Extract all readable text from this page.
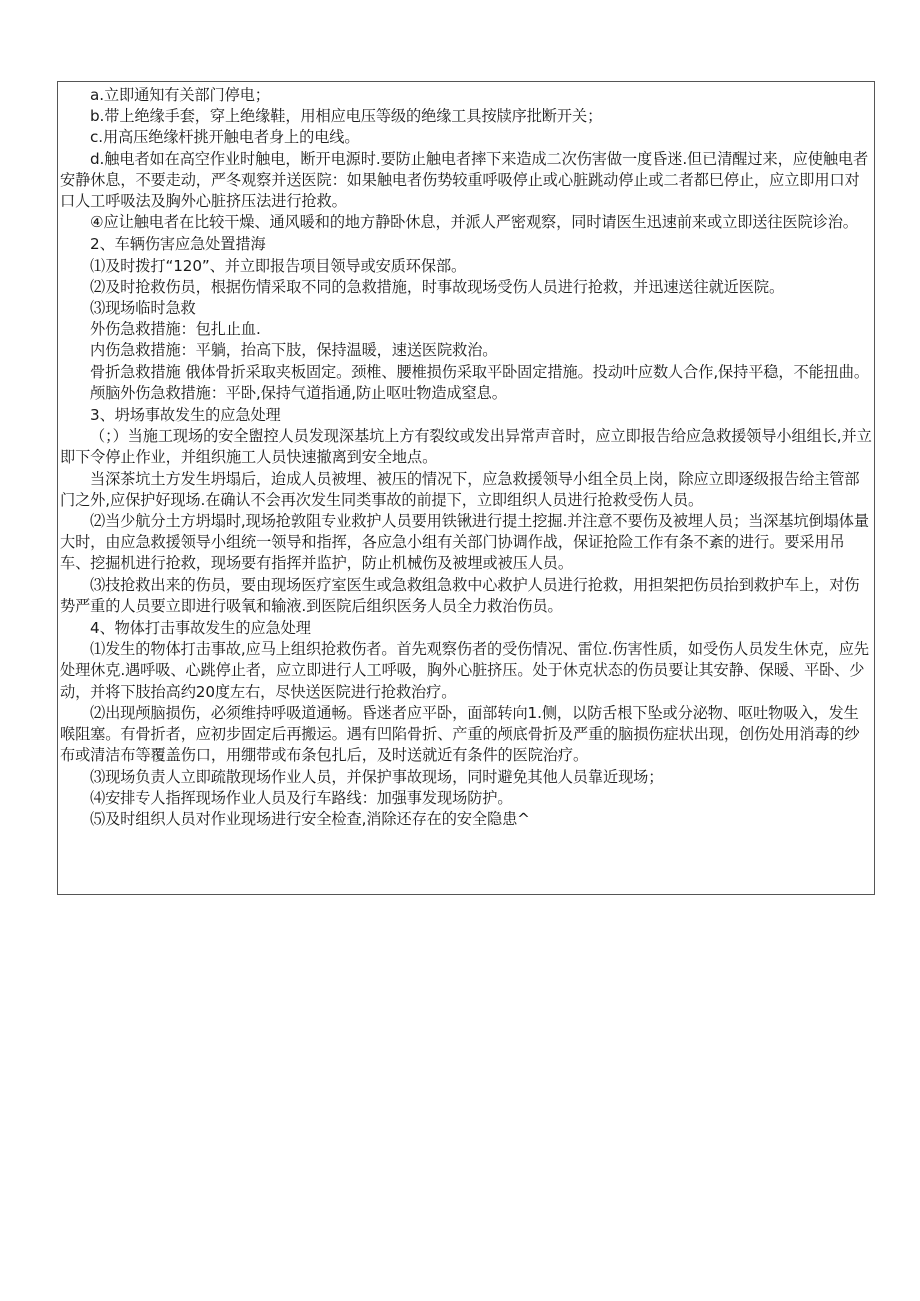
a.立即通知有关部门停电；

b.带上绝缘手套，穿上绝缘鞋，用相应电压等级的绝缘工具按牍序批断开关；

c.用高压绝缘杆挑开触电者身上的电线。

d.触电者如在高空作业时触电，断开电源时.要防止触电者摔下来造成二次伤害做一度昏迷.但已清醒过来，应使触电者安静休息，不要走动，严冬观察并送医院：如果触电者伤势较重呼吸停止或心脏跳动停止或二者都巳停止，应立即用口对口人工呼吸法及胸外心脏挤压法进行抢救。

④应让触电者在比较干燥、通风暖和的地方静卧休息，并派人严密观察，同时请医生迅速前来或立即送往医院诊治。

2、车辆伤害应急处置措海

⑴及时拨打“120”、并立即报告项目领导或安质环保部。

⑵及时抢救伤员，根据伤情采取不同的急救措施，时事故现场受伤人员进行抢救，并迅速送往就近医院。

⑶现场临时急救

外伤急救措施：包扎止血.

内伤急救措施：平躺，抬高下肢，保持温暖，速送医院救治。

骨折急救措施 俄体骨折采取夹板固定。颈椎、腰椎损伤采取平卧固定措施。投动叶应数人合作,保持平稳，不能扭曲。

颅脑外伤急救措施：平卧,保持气道指通,防止呕吐物造成窒息。

3、坍场事故发生的应急处理

（；）当施工现场的安全盥控人员发现深基坑上方有裂纹或发出异常声音时，应立即报告给应急救援领导小组组长,并立即下令停止作业，并组织施工人员快速撤离到安全地点。

当深茶坑土方发生坍塌后，迨成人员被埋、被压的情况下，应急救援领导小组全员上岗，除应立即逐级报告给主管部门之外,应保护好现场.在确认不会再次发生同类事故的前提下，立即组织人员进行抢救受伤人员。

⑵当少航分土方坍塌时,现场抢敦阻专业救护人员要用铁锹进行提土挖掘.并注意不要伤及被埋人员；当深基坑倒塌体量大时，由应急救援领导小组统一领导和指挥，各应急小组有关部门协调作战，保证抢险工作有条不紊的进行。要采用吊车、挖掘机进行抢救，现场要有指挥并监护，防止机械伤及被埋或被压人员。

⑶技抢救出来的伤员，要由现场医疗室医生或急救组急救中心救护人员进行抢救，用担架把伤员抬到救护车上，对伤势严重的人员要立即进行吸氧和输液.到医院后组织医务人员全力救治伤员。

4、物体打击事故发生的应急处理

⑴发生的物体打击事故,应马上组织抢救伤者。首先观察伤者的受伤情况、雷位.伤害性质，如受伤人员发生休克，应先处理休克.遇呼吸、心跳停止者，应立即进行人工呼吸，胸外心脏挤压。处于休克状态的伤员要让其安静、保暖、平卧、少动，并将下肢抬高约20度左右，尽快送医院进行抢救治疗。

⑵出现颅脑损伤，必须维持呼吸道通畅。昏迷者应平卧，面部转向1.侧，以防舌根下坠或分泌物、呕吐物吸入，发生喉阻塞。有骨折者，应初步固定后再搬运。遇有凹陷骨折、产重的颅底骨折及严重的脑损伤症状出现，创伤处用消毒的纱布或清洁布等覆盖伤口，用绷带或布条包扎后，及时送就近有条件的医院治疗。

⑶现场负责人立即疏散现场作业人员，并保护事故现场，同时避免其他人员靠近现场；

⑷安排专人指挥现场作业人员及行车路线：加强事发现场防护。

⑸及时组织人员对作业现场进行安全检查,消除还存在的安全隐患^
